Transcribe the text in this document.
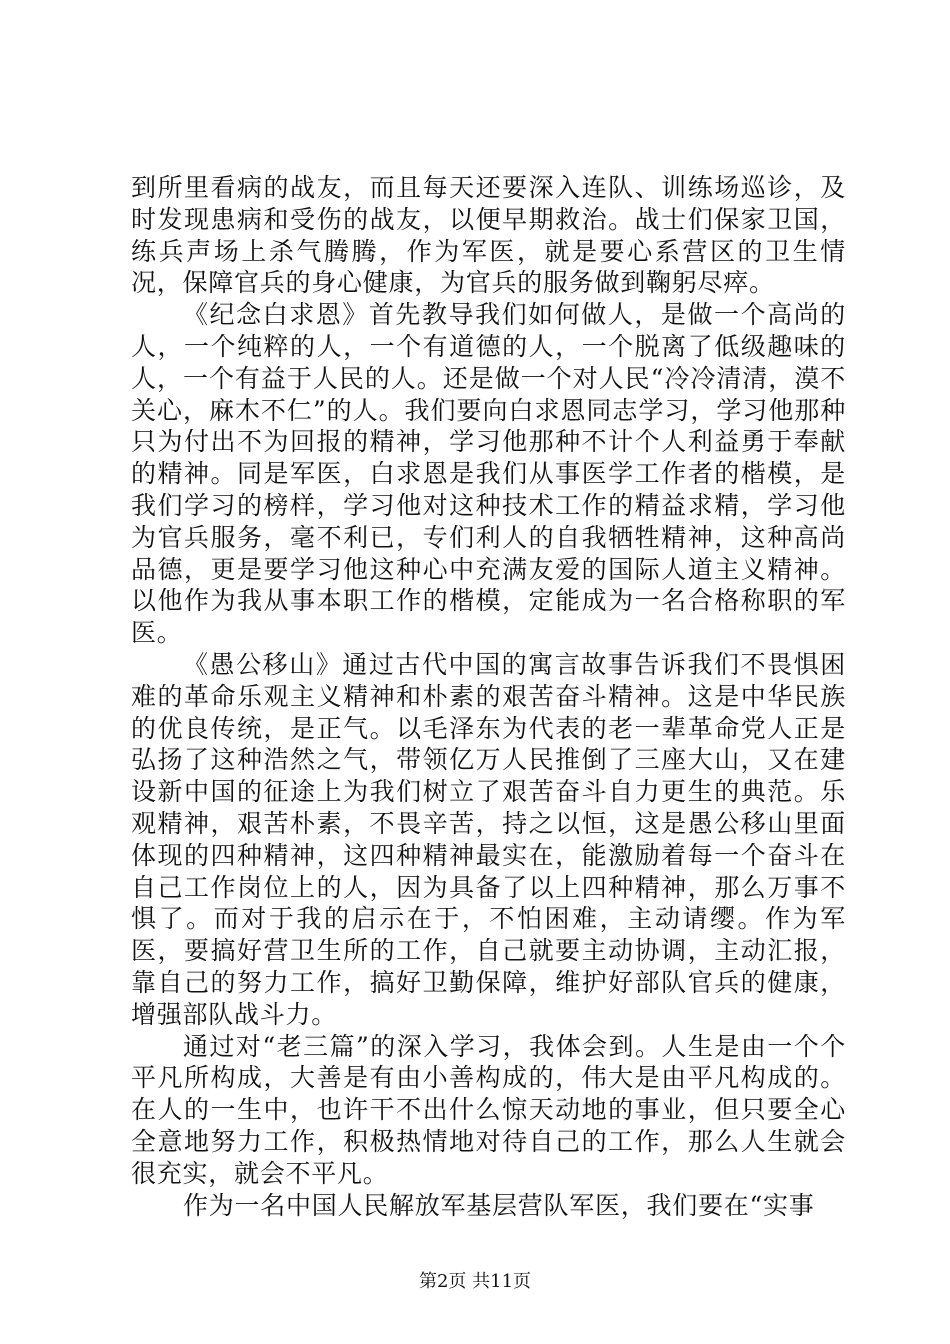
到所里看病的战友，而且每天还要深入连队、训练场巡诊，及时发现患病和受伤的战友，以便早期救治。战士们保家卫国，练兵声场上杀气腾腾，作为军医，就是要心系营区的卫生情况，保障官兵的身心健康，为官兵的服务做到鞠躬尽瘁。

《纪念白求恩》首先教导我们如何做人，是做一个高尚的人，一个纯粹的人，一个有道德的人，一个脱离了低级趣味的人，一个有益于人民的人。还是做一个对人民“冷冷清清，漠不关心，麻木不仁”的人。我们要向白求恩同志学习，学习他那种只为付出不为回报的精神，学习他那种不计个人利益勇于奉献的精神。同是军医，白求恩是我们从事医学工作者的楷模，是我们学习的榜样，学习他对这种技术工作的精益求精，学习他为官兵服务，毫不利已，专们利人的自我牺牲精神，这种高尚品德，更是要学习他这种心中充满友爱的国际人道主义精神。以他作为我从事本职工作的楷模，定能成为一名合格称职的军医。

《愚公移山》通过古代中国的寓言故事告诉我们不畏惧困难的革命乐观主义精神和朴素的艰苦奋斗精神。这是中华民族的优良传统，是正气。以毛泽东为代表的老一辈革命党人正是弘扬了这种浩然之气，带领亿万人民推倒了三座大山，又在建设新中国的征途上为我们树立了艰苦奋斗自力更生的典范。乐观精神，艰苦朴素，不畏辛苦，持之以恒，这是愚公移山里面体现的四种精神，这四种精神最实在，能激励着每一个奋斗在自己工作岗位上的人，因为具备了以上四种精神，那么万事不惧了。而对于我的启示在于，不怕困难，主动请缨。作为军医，要搞好营卫生所的工作，自己就要主动协调，主动汇报，靠自己的努力工作，搞好卫勤保障，维护好部队官兵的健康，增强部队战斗力。

通过对“老三篇”的深入学习，我体会到。人生是由一个个平凡所构成，大善是有由小善构成的，伟大是由平凡构成的。在人的一生中，也许干不出什么惊天动地的事业，但只要全心全意地努力工作，积极热情地对待自己的工作，那么人生就会很充实，就会不平凡。

作为一名中国人民解放军基层营队军医，我们要在“实事

第2页 共11页
